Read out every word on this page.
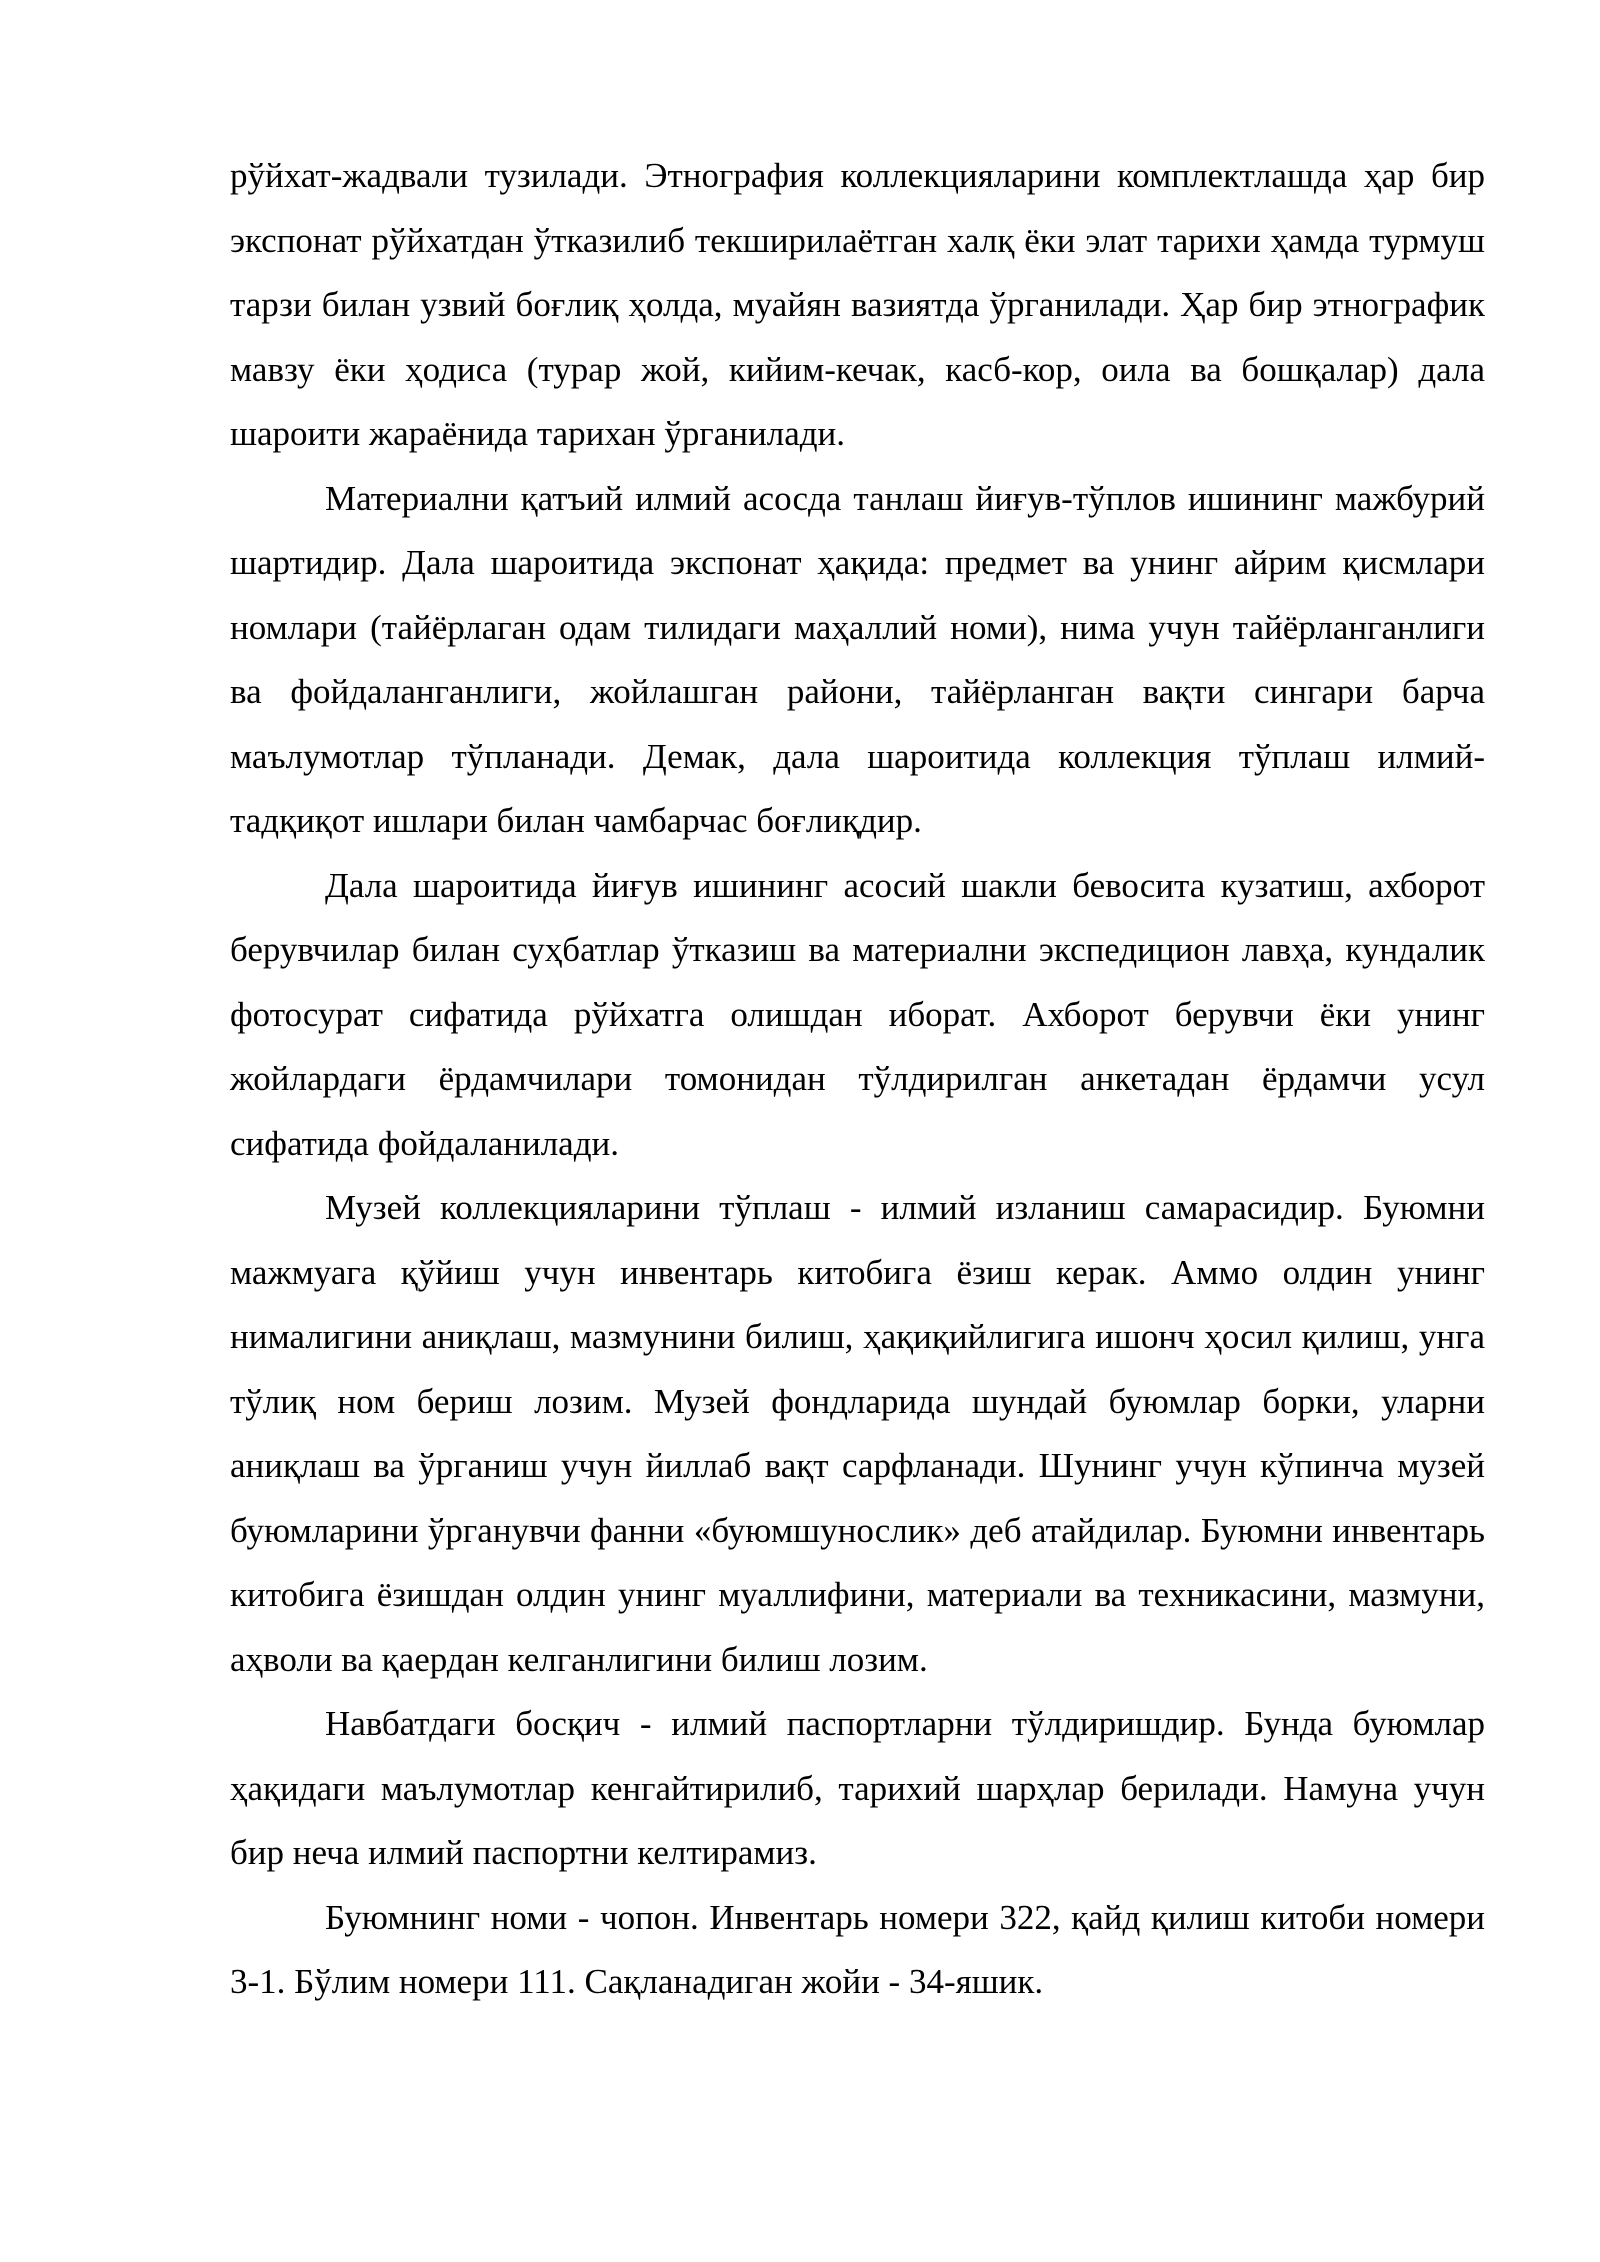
рўйхат-жадвали тузилади. Этнография коллекцияларини комплектлашда ҳар бир экспонат рўйхатдан ўтказилиб текширилаётган халқ ёки элат тарихи ҳамда турмуш тарзи билан узвий боғлиқ ҳолда, муайян вазиятда ўрганилади. Ҳар бир этнографик мавзу ёки ҳодиса (турар жой, кийим-кечак, касб-кор, оила ва бошқалар) дала шароити жараёнида тарихан ўрганилади.

Материални қатъий илмий асосда танлаш йиғув-тўплов ишининг мажбурий шартидир. Дала шароитида экспонат ҳақида: предмет ва унинг айрим қисмлари номлари (тайёрлаган одам тилидаги маҳаллий номи), нима учун тайёрланганлиги ва фойдаланганлиги, жойлашган райони, тайёрланган вақти сингари барча маълумотлар тўпланади. Демак, дала шароитида коллекция тўплаш илмий-тадқиқот ишлари билан чамбарчас боғлиқдир.

Дала шароитида йиғув ишининг асосий шакли бевосита кузатиш, ахборот берувчилар билан суҳбатлар ўтказиш ва материални экспедицион лавҳа, кундалик фотосурат сифатида рўйхатга олишдан иборат. Ахборот берувчи ёки унинг жойлардаги ёрдамчилари томонидан тўлдирилган анкетадан ёрдамчи усул сифатида фойдаланилади.

Музей коллекцияларини тўплаш - илмий изланиш самарасидир. Буюмни мажмуага қўйиш учун инвентарь китобига ёзиш керак. Аммо олдин унинг нималигини аниқлаш, мазмунини билиш, ҳақиқийлигига ишонч ҳосил қилиш, унга тўлиқ ном бериш лозим. Музей фондларида шундай буюмлар борки, уларни аниқлаш ва ўрганиш учун йиллаб вақт сарфланади. Шунинг учун кўпинча музей буюмларини ўрганувчи фанни «буюмшунослик» деб атайдилар. Буюмни инвентарь китобига ёзишдан олдин унинг муаллифини, материали ва техникасини, мазмуни, аҳволи ва қаердан келганлигини билиш лозим.

Навбатдаги босқич - илмий паспортларни тўлдиришдир. Бунда буюмлар ҳақидаги маълумотлар кенгайтирилиб, тарихий шарҳлар берилади. Намуна учун бир неча илмий паспортни келтирамиз.

Буюмнинг номи - чопон. Инвентарь номери 322, қайд қилиш китоби номери 3-1. Бўлим номери 111. Сақланадиган жойи - 34-яшик.
